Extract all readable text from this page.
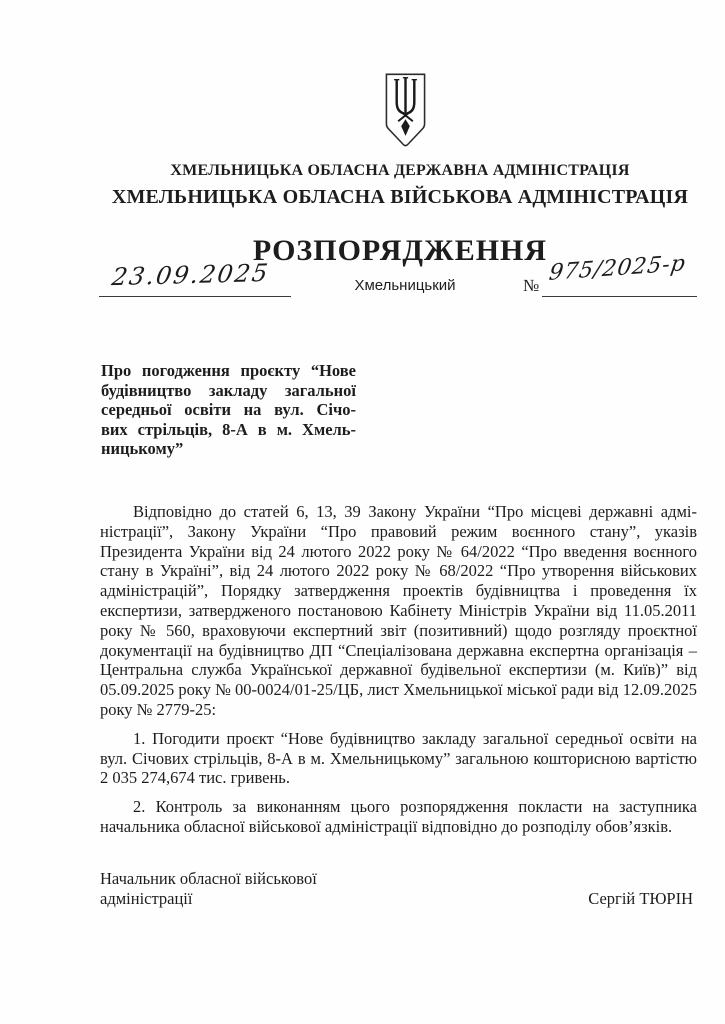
ХМЕЛЬНИЦЬКА ОБЛАСНА ДЕРЖАВНА АДМІНІСТРАЦІЯ
ХМЕЛЬНИЦЬКА ОБЛАСНА ВІЙСЬКОВА АДМІНІСТРАЦІЯ
РОЗПОРЯДЖЕННЯ
23.09.2025	Хмельницький	№ 975/2025-р
Про погодження проєкту “Нове
будівництво закладу загальної
середньої освіти на вул. Січо-
вих стрільців, 8-А в м. Хмель-
ницькому”

Відповідно до статей 6, 13, 39 Закону України “Про місцеві державні адміністрації”, Закону України “Про правовий режим воєнного стану”, указів Президента України від 24 лютого 2022 року № 64/2022 “Про введення воєнного стану в Україні”, від 24 лютого 2022 року № 68/2022 “Про утворення військових адміністрацій”, Порядку затвердження проектів будівництва і проведення їх експертизи, затвердженого постановою Кабінету Міністрів України від 11.05.2011 року № 560, враховуючи експертний звіт (позитивний) щодо розгляду проєктної документації на будівництво ДП “Спеціалізована державна експертна організація – Центральна служба Української державної будівельної експертизи (м. Київ)” від 05.09.2025 року № 00-0024/01-25/ЦБ, лист Хмельницької міської ради від 12.09.2025 року № 2779-25:

1. Погодити проєкт “Нове будівництво закладу загальної середньої освіти на вул. Січових стрільців, 8-А в м. Хмельницькому” загальною кошторисною вартістю 2 035 274,674 тис. гривень.

2. Контроль за виконанням цього розпорядження покласти на заступника начальника обласної військової адміністрації відповідно до розподілу обов’язків.

Начальник обласної військової
адміністрації	Сергій ТЮРІН
